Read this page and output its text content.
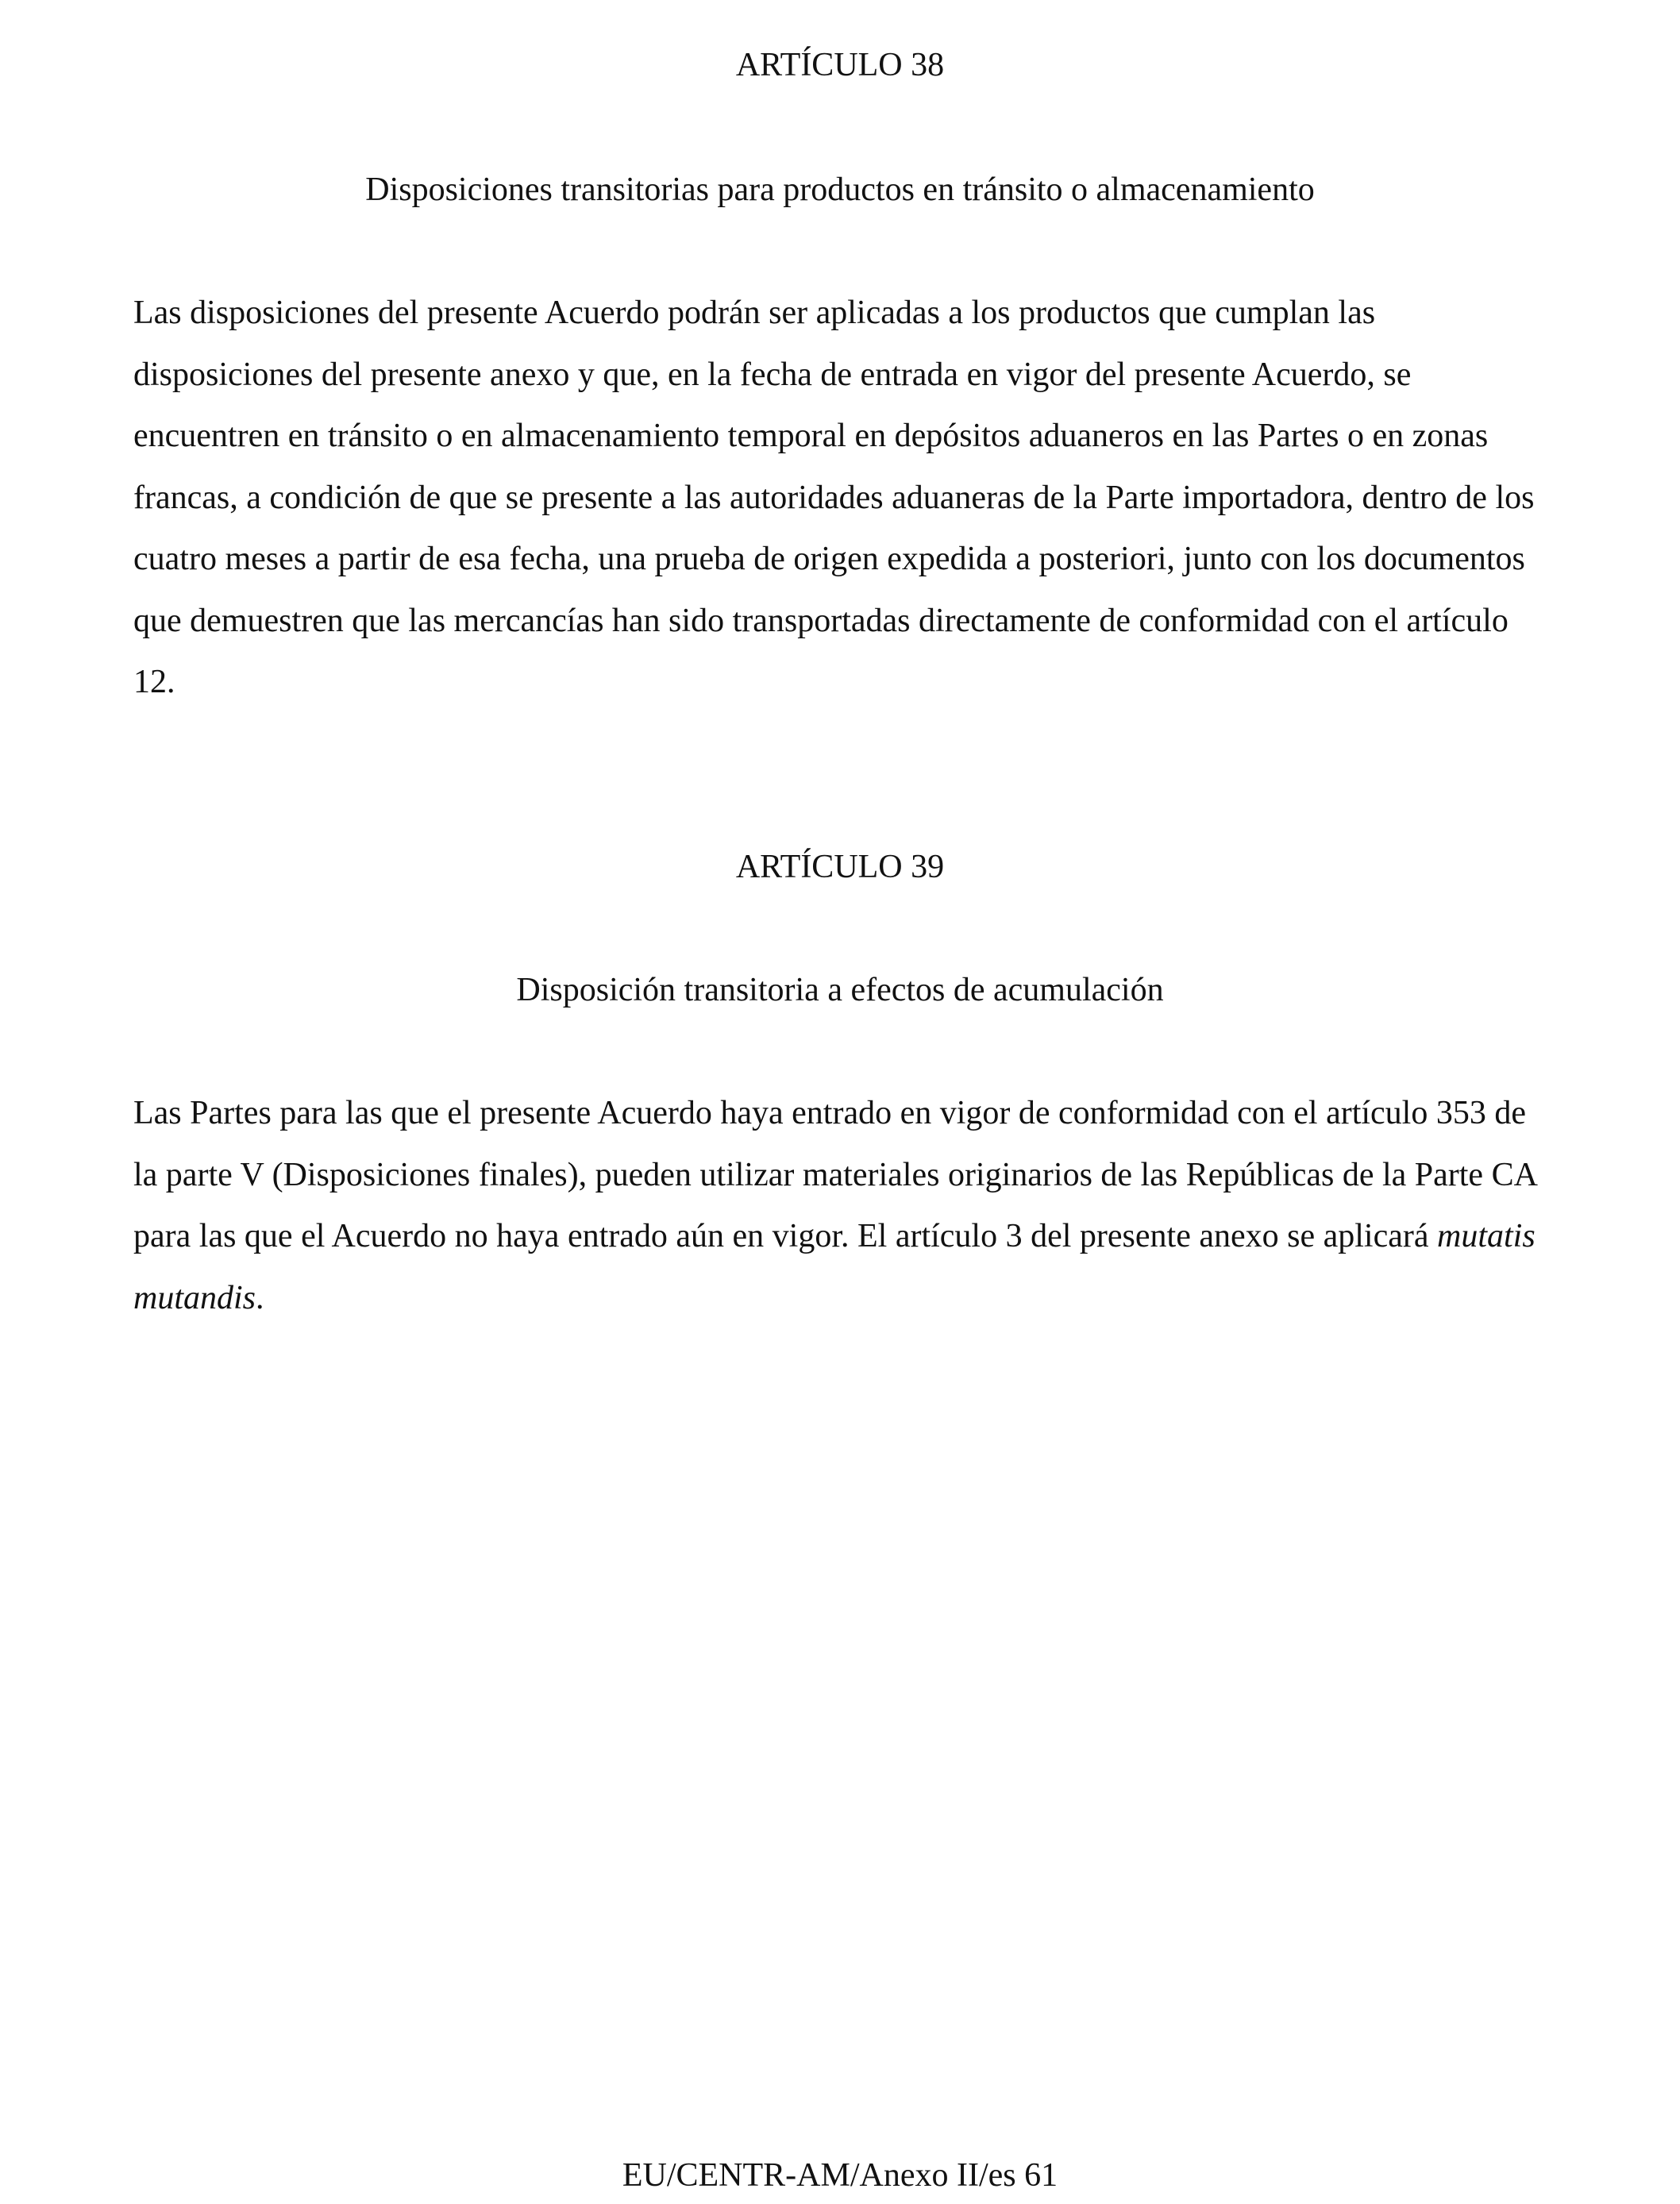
ARTÍCULO 38
Disposiciones transitorias para productos en tránsito o almacenamiento

Las disposiciones del presente Acuerdo podrán ser aplicadas a los productos que cumplan las disposiciones del presente anexo y que, en la fecha de entrada en vigor del presente Acuerdo, se encuentren en tránsito o en almacenamiento temporal en depósitos aduaneros en las Partes o en zonas francas, a condición de que se presente a las autoridades aduaneras de la Parte importadora, dentro de los cuatro meses a partir de esa fecha, una prueba de origen expedida a posteriori, junto con los documentos que demuestren que las mercancías han sido transportadas directamente de conformidad con el artículo 12.

ARTÍCULO 39
Disposición transitoria a efectos de acumulación

Las Partes para las que el presente Acuerdo haya entrado en vigor de conformidad con el artículo 353 de la parte V (Disposiciones finales), pueden utilizar materiales originarios de las Repúblicas de la Parte CA para las que el Acuerdo no haya entrado aún en vigor. El artículo 3 del presente anexo se aplicará mutatis mutandis.

EU/CENTR-AM/Anexo II/es 61
